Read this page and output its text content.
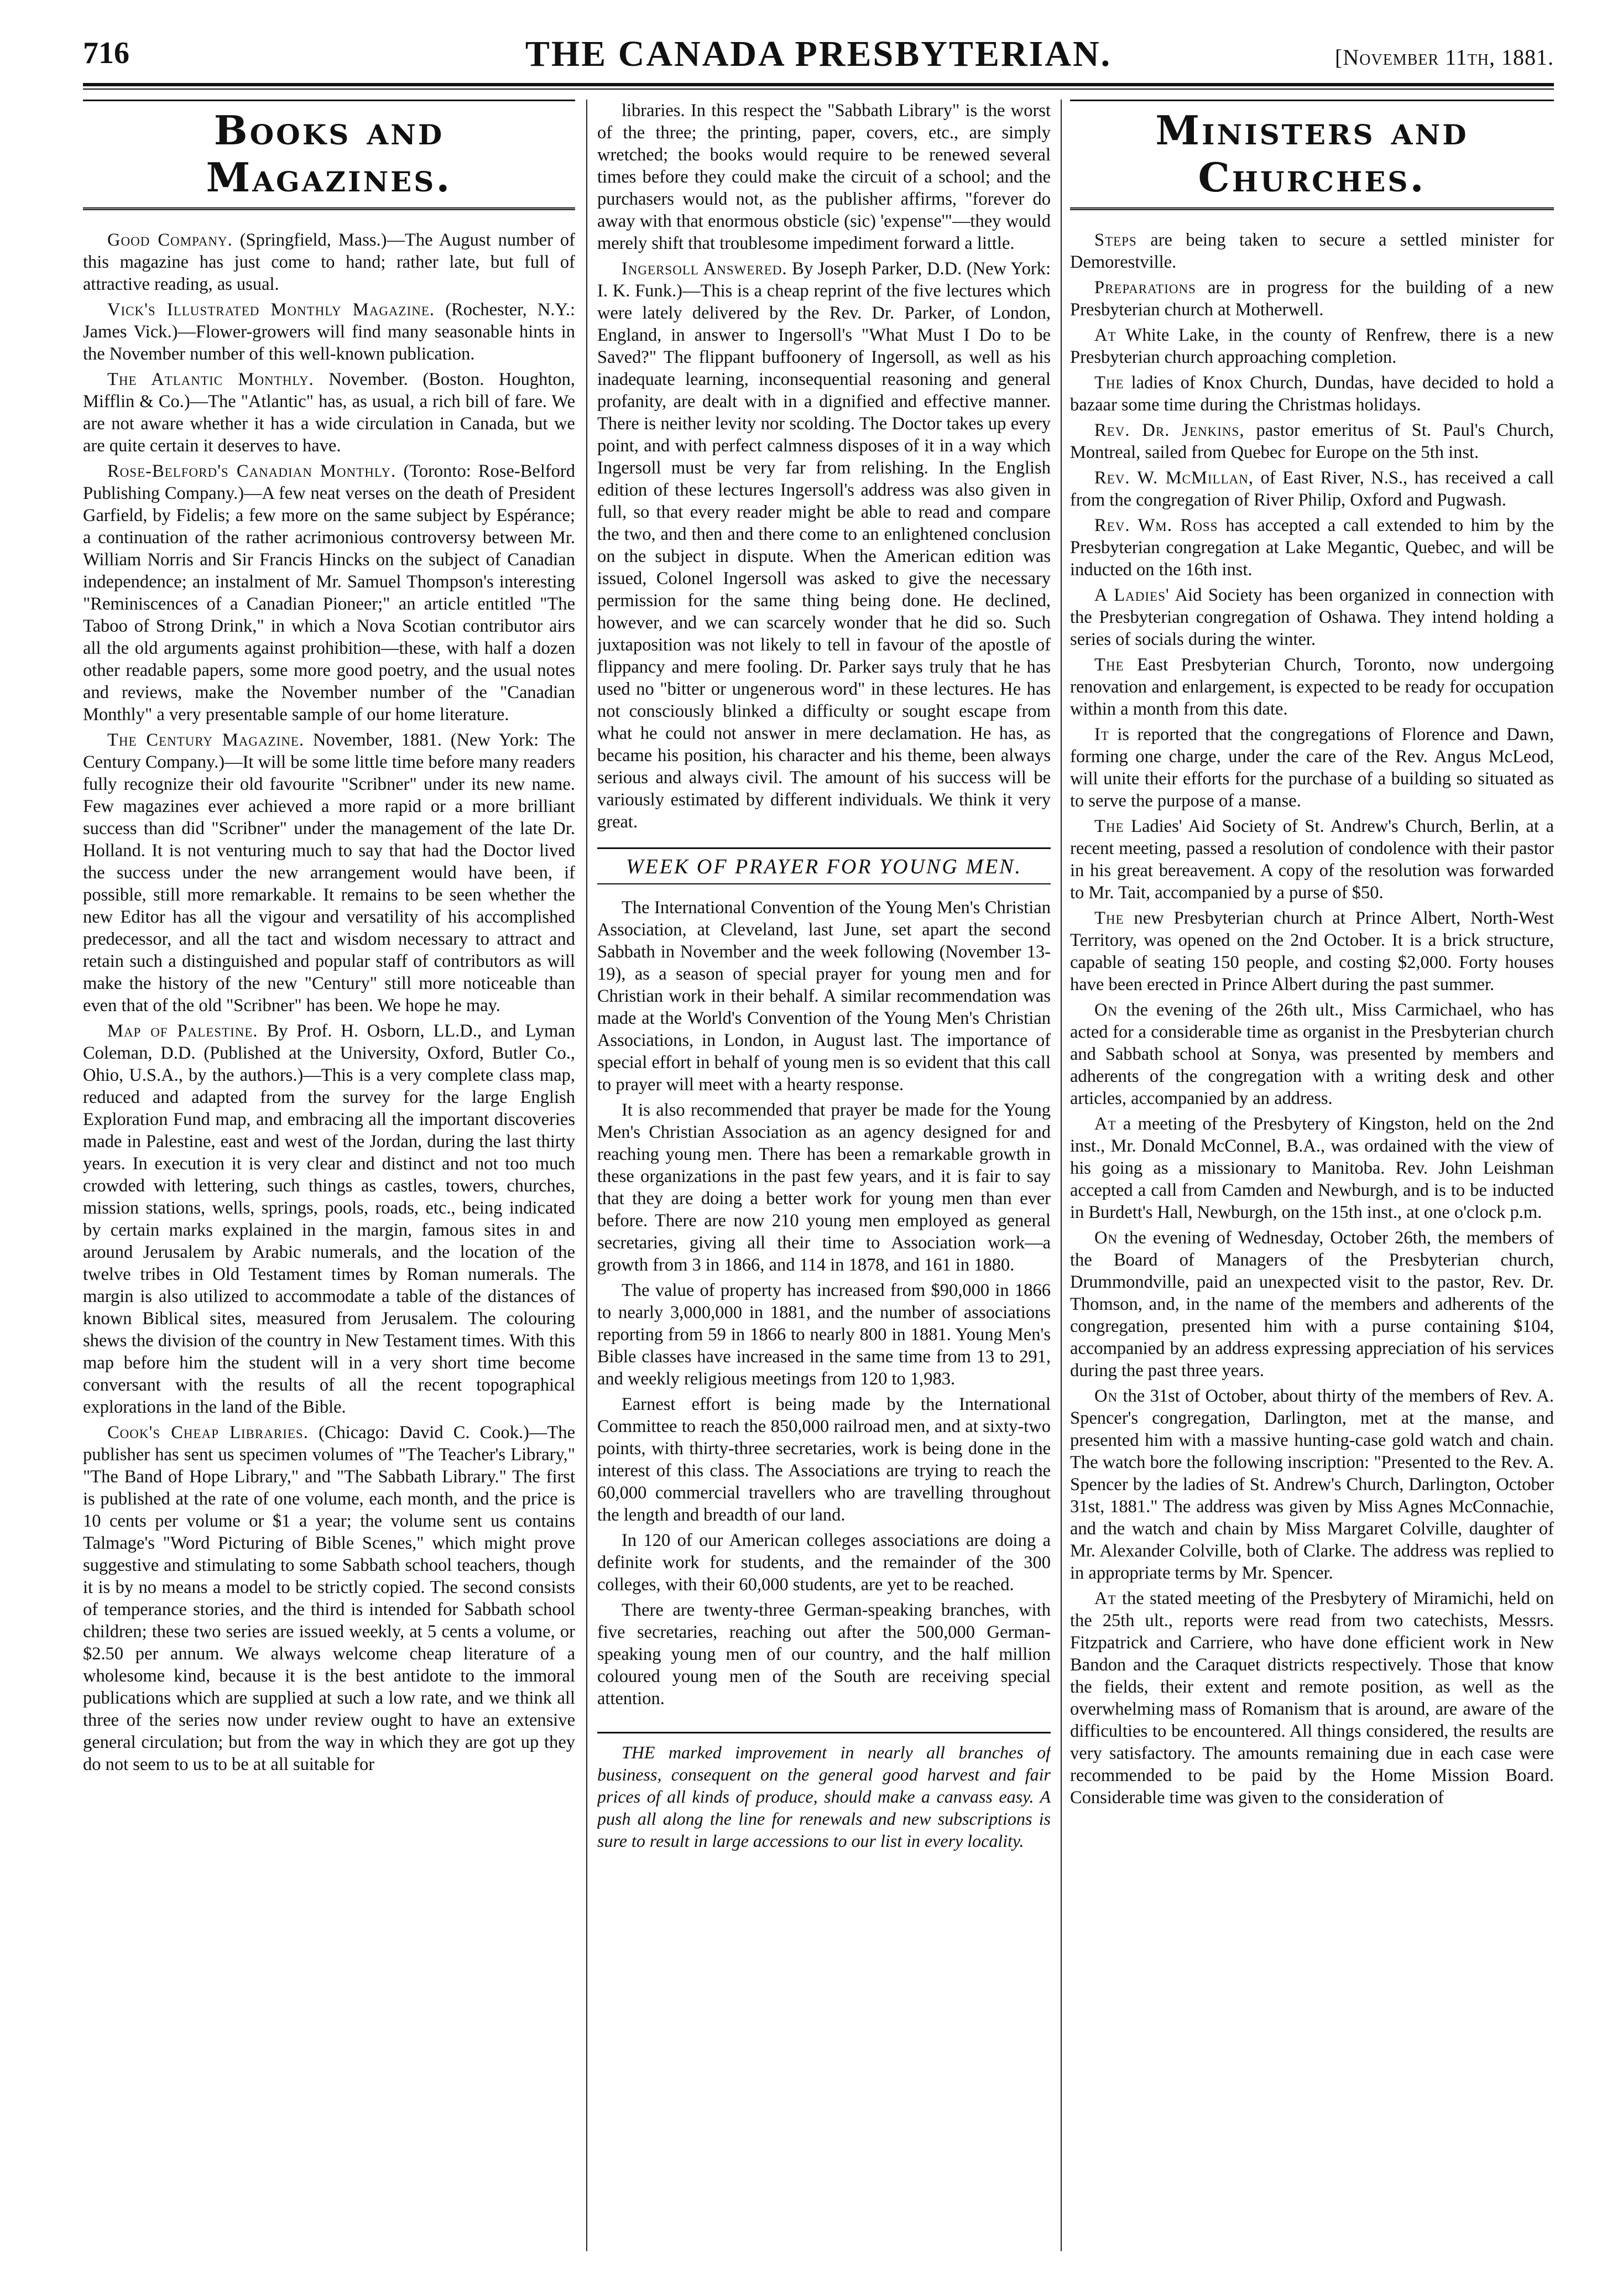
716	THE CANADA PRESBYTERIAN.	[November 11th, 1881.
Books and Magazines.

Good Company. (Springfield, Mass.)—The August number of this magazine has just come to hand; rather late, but full of attractive reading, as usual.

Vick's Illustrated Monthly Magazine. (Rochester, N.Y.: James Vick.)—Flower-growers will find many seasonable hints in the November number of this well-known publication.

The Atlantic Monthly. November. (Boston. Houghton, Mifflin & Co.)—The "Atlantic" has, as usual, a rich bill of fare. We are not aware whether it has a wide circulation in Canada, but we are quite certain it deserves to have.

Rose-Belford's Canadian Monthly. (Toronto: Rose-Belford Publishing Company.)—A few neat verses on the death of President Garfield, by Fidelis; a few more on the same subject by Espérance; a continuation of the rather acrimonious controversy between Mr. William Norris and Sir Francis Hincks on the subject of Canadian independence; an instalment of Mr. Samuel Thompson's interesting "Reminiscences of a Canadian Pioneer;" an article entitled "The Taboo of Strong Drink," in which a Nova Scotian contributor airs all the old arguments against prohibition—these, with half a dozen other readable papers, some more good poetry, and the usual notes and reviews, make the November number of the "Canadian Monthly" a very presentable sample of our home literature.

The Century Magazine. November, 1881. (New York: The Century Company.)—It will be some little time before many readers fully recognize their old favourite "Scribner" under its new name. Few magazines ever achieved a more rapid or a more brilliant success than did "Scribner" under the management of the late Dr. Holland. It is not venturing much to say that had the Doctor lived the success under the new arrangement would have been, if possible, still more remarkable. It remains to be seen whether the new Editor has all the vigour and versatility of his accomplished predecessor, and all the tact and wisdom necessary to attract and retain such a distinguished and popular staff of contributors as will make the history of the new "Century" still more noticeable than even that of the old "Scribner" has been. We hope he may.

Map of Palestine. By Prof. H. Osborn, LL.D., and Lyman Coleman, D.D. (Published at the University, Oxford, Butler Co., Ohio, U.S.A., by the authors.)—This is a very complete class map, reduced and adapted from the survey for the large English Exploration Fund map, and embracing all the important discoveries made in Palestine, east and west of the Jordan, during the last thirty years. In execution it is very clear and distinct and not too much crowded with lettering, such things as castles, towers, churches, mission stations, wells, springs, pools, roads, etc., being indicated by certain marks explained in the margin, famous sites in and around Jerusalem by Arabic numerals, and the location of the twelve tribes in Old Testament times by Roman numerals. The margin is also utilized to accommodate a table of the distances of known Biblical sites, measured from Jerusalem. The colouring shews the division of the country in New Testament times. With this map before him the student will in a very short time become conversant with the results of all the recent topographical explorations in the land of the Bible.

Cook's Cheap Libraries. (Chicago: David C. Cook.)—The publisher has sent us specimen volumes of "The Teacher's Library," "The Band of Hope Library," and "The Sabbath Library." The first is published at the rate of one volume, each month, and the price is 10 cents per volume or $1 a year; the volume sent us contains Talmage's "Word Picturing of Bible Scenes," which might prove suggestive and stimulating to some Sabbath school teachers, though it is by no means a model to be strictly copied. The second consists of temperance stories, and the third is intended for Sabbath school children; these two series are issued weekly, at 5 cents a volume, or $2.50 per annum. We always welcome cheap literature of a wholesome kind, because it is the best antidote to the immoral publications which are supplied at such a low rate, and we think all three of the series now under review ought to have an extensive general circulation; but from the way in which they are got up they do not seem to us to be at all suitable for

libraries. In this respect the "Sabbath Library" is the worst of the three; the printing, paper, covers, etc., are simply wretched; the books would require to be renewed several times before they could make the circuit of a school; and the purchasers would not, as the publisher affirms, "forever do away with that enormous obsticle (sic) 'expense'"—they would merely shift that troublesome impediment forward a little.

Ingersoll Answered. By Joseph Parker, D.D. (New York: I. K. Funk.)—This is a cheap reprint of the five lectures which were lately delivered by the Rev. Dr. Parker, of London, England, in answer to Ingersoll's "What Must I Do to be Saved?" The flippant buffoonery of Ingersoll, as well as his inadequate learning, inconsequential reasoning and general profanity, are dealt with in a dignified and effective manner. There is neither levity nor scolding. The Doctor takes up every point, and with perfect calmness disposes of it in a way which Ingersoll must be very far from relishing. In the English edition of these lectures Ingersoll's address was also given in full, so that every reader might be able to read and compare the two, and then and there come to an enlightened conclusion on the subject in dispute. When the American edition was issued, Colonel Ingersoll was asked to give the necessary permission for the same thing being done. He declined, however, and we can scarcely wonder that he did so. Such juxtaposition was not likely to tell in favour of the apostle of flippancy and mere fooling. Dr. Parker says truly that he has used no "bitter or ungenerous word" in these lectures. He has not consciously blinked a difficulty or sought escape from what he could not answer in mere declamation. He has, as became his position, his character and his theme, been always serious and always civil. The amount of his success will be variously estimated by different individuals. We think it very great.

WEEK OF PRAYER FOR YOUNG MEN.

The International Convention of the Young Men's Christian Association, at Cleveland, last June, set apart the second Sabbath in November and the week following (November 13-19), as a season of special prayer for young men and for Christian work in their behalf. A similar recommendation was made at the World's Convention of the Young Men's Christian Associations, in London, in August last. The importance of special effort in behalf of young men is so evident that this call to prayer will meet with a hearty response.

It is also recommended that prayer be made for the Young Men's Christian Association as an agency designed for and reaching young men. There has been a remarkable growth in these organizations in the past few years, and it is fair to say that they are doing a better work for young men than ever before. There are now 210 young men employed as general secretaries, giving all their time to Association work—a growth from 3 in 1866, and 114 in 1878, and 161 in 1880.

The value of property has increased from $90,000 in 1866 to nearly 3,000,000 in 1881, and the number of associations reporting from 59 in 1866 to nearly 800 in 1881. Young Men's Bible classes have increased in the same time from 13 to 291, and weekly religious meetings from 120 to 1,983.

Earnest effort is being made by the International Committee to reach the 850,000 railroad men, and at sixty-two points, with thirty-three secretaries, work is being done in the interest of this class. The Associations are trying to reach the 60,000 commercial travellers who are travelling throughout the length and breadth of our land.

In 120 of our American colleges associations are doing a definite work for students, and the remainder of the 300 colleges, with their 60,000 students, are yet to be reached.

There are twenty-three German-speaking branches, with five secretaries, reaching out after the 500,000 German-speaking young men of our country, and the half million coloured young men of the South are receiving special attention.

THE marked improvement in nearly all branches of business, consequent on the general good harvest and fair prices of all kinds of produce, should make a canvass easy. A push all along the line for renewals and new subscriptions is sure to result in large accessions to our list in every locality.
Ministers and Churches.

Steps are being taken to secure a settled minister for Demorestville.

Preparations are in progress for the building of a new Presbyterian church at Motherwell.

At White Lake, in the county of Renfrew, there is a new Presbyterian church approaching completion.

The ladies of Knox Church, Dundas, have decided to hold a bazaar some time during the Christmas holidays.

Rev. Dr. Jenkins, pastor emeritus of St. Paul's Church, Montreal, sailed from Quebec for Europe on the 5th inst.

Rev. W. McMillan, of East River, N.S., has received a call from the congregation of River Philip, Oxford and Pugwash.

Rev. Wm. Ross has accepted a call extended to him by the Presbyterian congregation at Lake Megantic, Quebec, and will be inducted on the 16th inst.

A Ladies' Aid Society has been organized in connection with the Presbyterian congregation of Oshawa. They intend holding a series of socials during the winter.

The East Presbyterian Church, Toronto, now undergoing renovation and enlargement, is expected to be ready for occupation within a month from this date.

It is reported that the congregations of Florence and Dawn, forming one charge, under the care of the Rev. Angus McLeod, will unite their efforts for the purchase of a building so situated as to serve the purpose of a manse.

The Ladies' Aid Society of St. Andrew's Church, Berlin, at a recent meeting, passed a resolution of condolence with their pastor in his great bereavement. A copy of the resolution was forwarded to Mr. Tait, accompanied by a purse of $50.

The new Presbyterian church at Prince Albert, North-West Territory, was opened on the 2nd October. It is a brick structure, capable of seating 150 people, and costing $2,000. Forty houses have been erected in Prince Albert during the past summer.

On the evening of the 26th ult., Miss Carmichael, who has acted for a considerable time as organist in the Presbyterian church and Sabbath school at Sonya, was presented by members and adherents of the congregation with a writing desk and other articles, accompanied by an address.

At a meeting of the Presbytery of Kingston, held on the 2nd inst., Mr. Donald McConnel, B.A., was ordained with the view of his going as a missionary to Manitoba. Rev. John Leishman accepted a call from Camden and Newburgh, and is to be inducted in Burdett's Hall, Newburgh, on the 15th inst., at one o'clock p.m.

On the evening of Wednesday, October 26th, the members of the Board of Managers of the Presbyterian church, Drummondville, paid an unexpected visit to the pastor, Rev. Dr. Thomson, and, in the name of the members and adherents of the congregation, presented him with a purse containing $104, accompanied by an address expressing appreciation of his services during the past three years.

On the 31st of October, about thirty of the members of Rev. A. Spencer's congregation, Darlington, met at the manse, and presented him with a massive hunting-case gold watch and chain. The watch bore the following inscription: "Presented to the Rev. A. Spencer by the ladies of St. Andrew's Church, Darlington, October 31st, 1881." The address was given by Miss Agnes McConnachie, and the watch and chain by Miss Margaret Colville, daughter of Mr. Alexander Colville, both of Clarke. The address was replied to in appropriate terms by Mr. Spencer.

At the stated meeting of the Presbytery of Miramichi, held on the 25th ult., reports were read from two catechists, Messrs. Fitzpatrick and Carriere, who have done efficient work in New Bandon and the Caraquet districts respectively. Those that know the fields, their extent and remote position, as well as the overwhelming mass of Romanism that is around, are aware of the difficulties to be encountered. All things considered, the results are very satisfactory. The amounts remaining due in each case were recommended to be paid by the Home Mission Board. Considerable time was given to the consideration of
